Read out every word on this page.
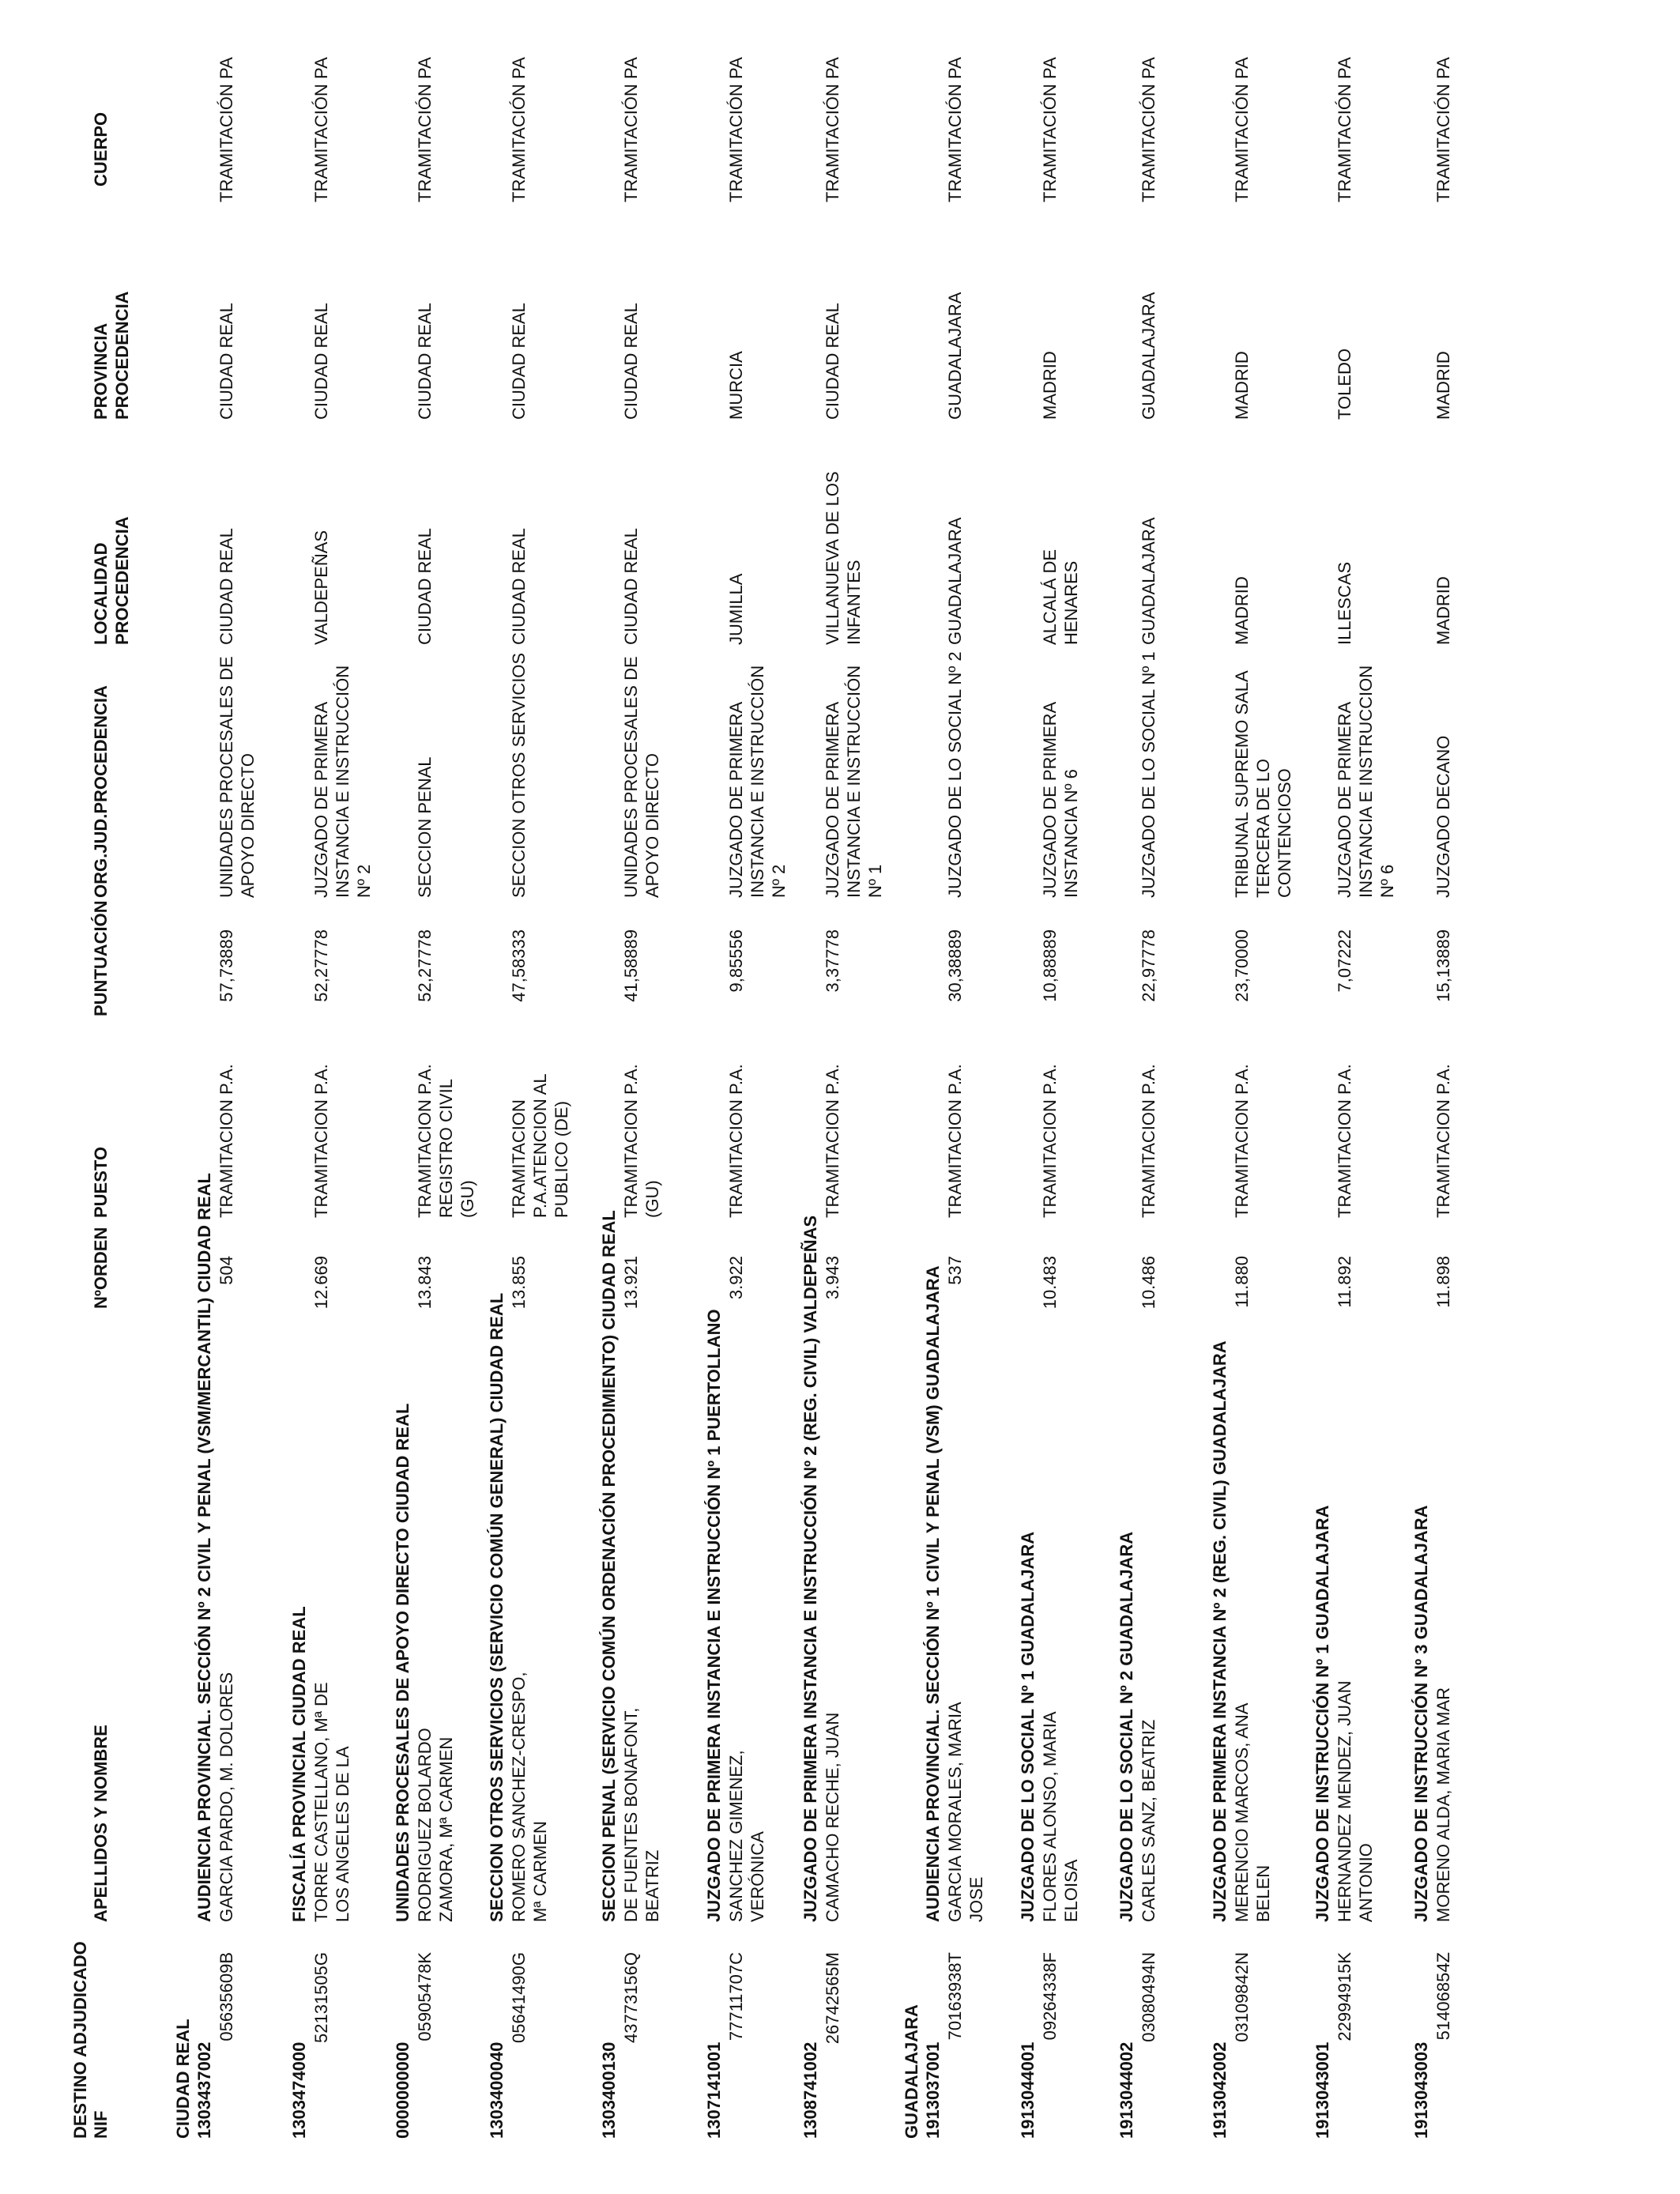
DESTINO ADJUDICADO NIF
APELLIDOS Y NOMBRE
NºORDEN
PUESTO
PUNTUACIÓN
ORG.JUD.PROCEDENCIA
LOCALIDAD PROCEDENCIA
PROVINCIA PROCEDENCIA
CUERPO
CIUDAD REAL 1303437002
AUDIENCIA PROVINCIAL. SECCIÓN Nº 2 CIVIL Y PENAL (VSM/MERCANTIL) CIUDAD REAL
05635609B
GARCIA PARDO, M. DOLORES
504
TRAMITACION P.A.
57,73889
UNIDADES PROCESALES DE APOYO DIRECTO
CIUDAD REAL
CIUDAD REAL
TRAMITACIÓN PA
1303474000
FISCALÍA PROVINCIAL CIUDAD REAL
52131505G
TORRE CASTELLANO, Mª DE LOS ANGELES DE LA
12.669
TRAMITACION P.A.
52,27778
JUZGADO DE PRIMERA INSTANCIA E INSTRUCCIÓN Nº 2
VALDEPEÑAS
CIUDAD REAL
TRAMITACIÓN PA
0000000000
UNIDADES PROCESALES DE APOYO DIRECTO CIUDAD REAL
05905478K
RODRIGUEZ BOLARDO ZAMORA, Mª CARMEN
13.843
TRAMITACION P.A. REGISTRO CIVIL (GU)
52,27778
SECCION PENAL
CIUDAD REAL
CIUDAD REAL
TRAMITACIÓN PA
1303400040
SECCION OTROS SERVICIOS (SERVICIO COMÚN GENERAL) CIUDAD REAL
05641490G
ROMERO SANCHEZ-CRESPO, Mª CARMEN
13.855
TRAMITACION P.A.ATENCION AL PUBLICO (DE)
47,58333
SECCION OTROS SERVICIOS
CIUDAD REAL
CIUDAD REAL
TRAMITACIÓN PA
1303400130
SECCION PENAL (SERVICIO COMÚN ORDENACIÓN PROCEDIMIENTO) CIUDAD REAL
43773156Q
DE FUENTES BONAFONT, BEATRIZ
13.921
TRAMITACION P.A. (GU)
41,58889
UNIDADES PROCESALES DE APOYO DIRECTO
CIUDAD REAL
CIUDAD REAL
TRAMITACIÓN PA
1307141001
JUZGADO DE PRIMERA INSTANCIA E INSTRUCCIÓN Nº 1 PUERTOLLANO
77711707C
SANCHEZ GIMENEZ, VERÓNICA
3.922
TRAMITACION P.A.
9,85556
JUZGADO DE PRIMERA INSTANCIA E INSTRUCCIÓN Nº 2
JUMILLA
MURCIA
TRAMITACIÓN PA
1308741002
JUZGADO DE PRIMERA INSTANCIA E INSTRUCCIÓN Nº 2 (REG. CIVIL) VALDEPEÑAS
26742565M
CAMACHO RECHE, JUAN
3.943
TRAMITACION P.A.
3,37778
JUZGADO DE PRIMERA INSTANCIA E INSTRUCCIÓN Nº 1
VILLANUEVA DE LOS INFANTES
CIUDAD REAL
TRAMITACIÓN PA
GUADALAJARA 1913037001
AUDIENCIA PROVINCIAL. SECCIÓN Nº 1 CIVIL Y PENAL (VSM) GUADALAJARA
70163938T
GARCIA MORALES, MARIA JOSE
537
TRAMITACION P.A.
30,38889
JUZGADO DE LO SOCIAL Nº 2
GUADALAJARA
GUADALAJARA
TRAMITACIÓN PA
1913044001
JUZGADO DE LO SOCIAL Nº 1 GUADALAJARA
09264338F
FLORES ALONSO, MARIA ELOISA
10.483
TRAMITACION P.A.
10,88889
JUZGADO DE PRIMERA INSTANCIA Nº 6
ALCALÁ DE HENARES
MADRID
TRAMITACIÓN PA
1913044002
JUZGADO DE LO SOCIAL Nº 2 GUADALAJARA
03080494N
CARLES SANZ, BEATRIZ
10.486
TRAMITACION P.A.
22,97778
JUZGADO DE LO SOCIAL Nº 1
GUADALAJARA
GUADALAJARA
TRAMITACIÓN PA
1913042002
JUZGADO DE PRIMERA INSTANCIA Nº 2 (REG. CIVIL) GUADALAJARA
03109842N
MERENCIO MARCOS, ANA BELEN
11.880
TRAMITACION P.A.
23,70000
TRIBUNAL SUPREMO SALA TERCERA DE LO CONTENCIOSO
MADRID
MADRID
TRAMITACIÓN PA
1913043001
JUZGADO DE INSTRUCCIÓN Nº 1 GUADALAJARA
22994915K
HERNANDEZ MENDEZ, JUAN ANTONIO
11.892
TRAMITACION P.A.
7,07222
JUZGADO DE PRIMERA INSTANCIA E INSTRUCCION Nº 6
ILLESCAS
TOLEDO
TRAMITACIÓN PA
1913043003
JUZGADO DE INSTRUCCIÓN Nº 3 GUADALAJARA
51406854Z
MORENO ALDA, MARIA MAR
11.898
TRAMITACION P.A.
15,13889
JUZGADO DECANO
MADRID
MADRID
TRAMITACIÓN PA
